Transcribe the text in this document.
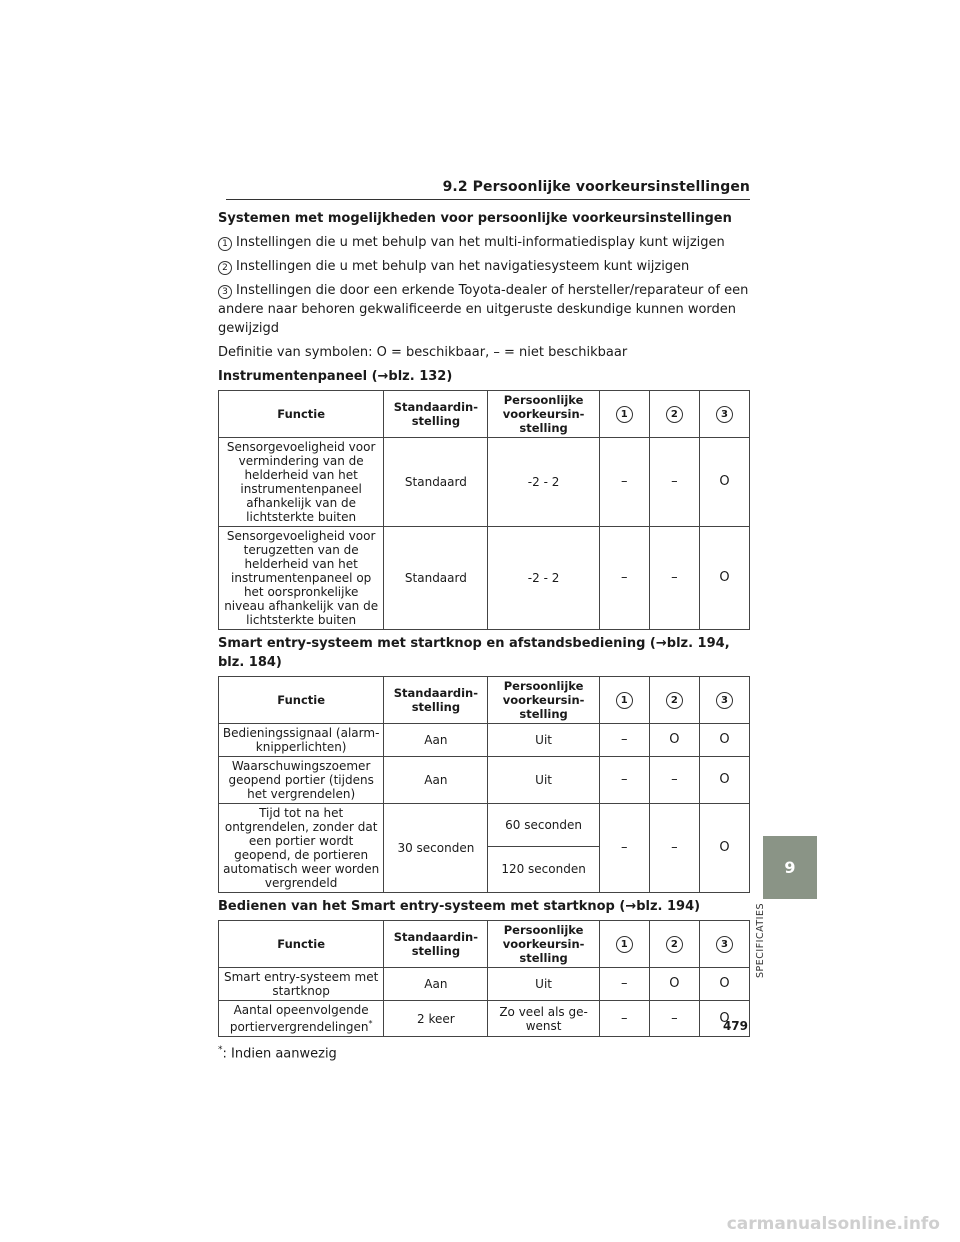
9.2 Persoonlijke voorkeursinstellingen

Systemen met mogelijkheden voor persoonlijke voorkeursinstellingen

1 Instellingen die u met behulp van het multi-informatiedisplay kunt wijzigen

2 Instellingen die u met behulp van het navigatiesysteem kunt wijzigen

3 Instellingen die door een erkende Toyota-dealer of hersteller/reparateur of een andere naar behoren gekwalificeerde en uitgeruste deskundige kunnen worden gewijzigd

Definitie van symbolen: O = beschikbaar, – = niet beschikbaar

Instrumentenpaneel (→blz. 132)

Functie	Standaardinstelling	Persoonlijke voorkeursinstelling	1	2	3
Sensorgevoeligheid voor vermindering van de helderheid van het instrumentenpaneel afhankelijk van de lichtsterkte buiten	Standaard	-2 - 2	–	–	O
Sensorgevoeligheid voor terugzetten van de helderheid van het instrumentenpaneel op het oorspronkelijke niveau afhankelijk van de lichtsterkte buiten	Standaard	-2 - 2	–	–	O

Smart entry-systeem met startknop en afstandsbediening (→blz. 194, blz. 184)

Functie	Standaardinstelling	Persoonlijke voorkeursinstelling	1	2	3
Bedieningssignaal (alarmknipperlichten)	Aan	Uit	–	O	O
Waarschuwingszoemer geopend portier (tijdens het vergrendelen)	Aan	Uit	–	–	O
Tijd tot na het ontgrendelen, zonder dat een portier wordt geopend, de portieren automatisch weer worden vergrendeld	30 seconden	60 seconden	–	–	O
		120 seconden			

Bedienen van het Smart entry-systeem met startknop (→blz. 194)

Functie	Standaardinstelling	Persoonlijke voorkeursinstelling	1	2	3
Smart entry-systeem met startknop	Aan	Uit	–	O	O
Aantal opeenvolgende portiervergrendelingen*	2 keer	Zo veel als gewenst	–	–	O

*: Indien aanwezig

9
SPECIFICATIES
479
carmanualsonline.info
